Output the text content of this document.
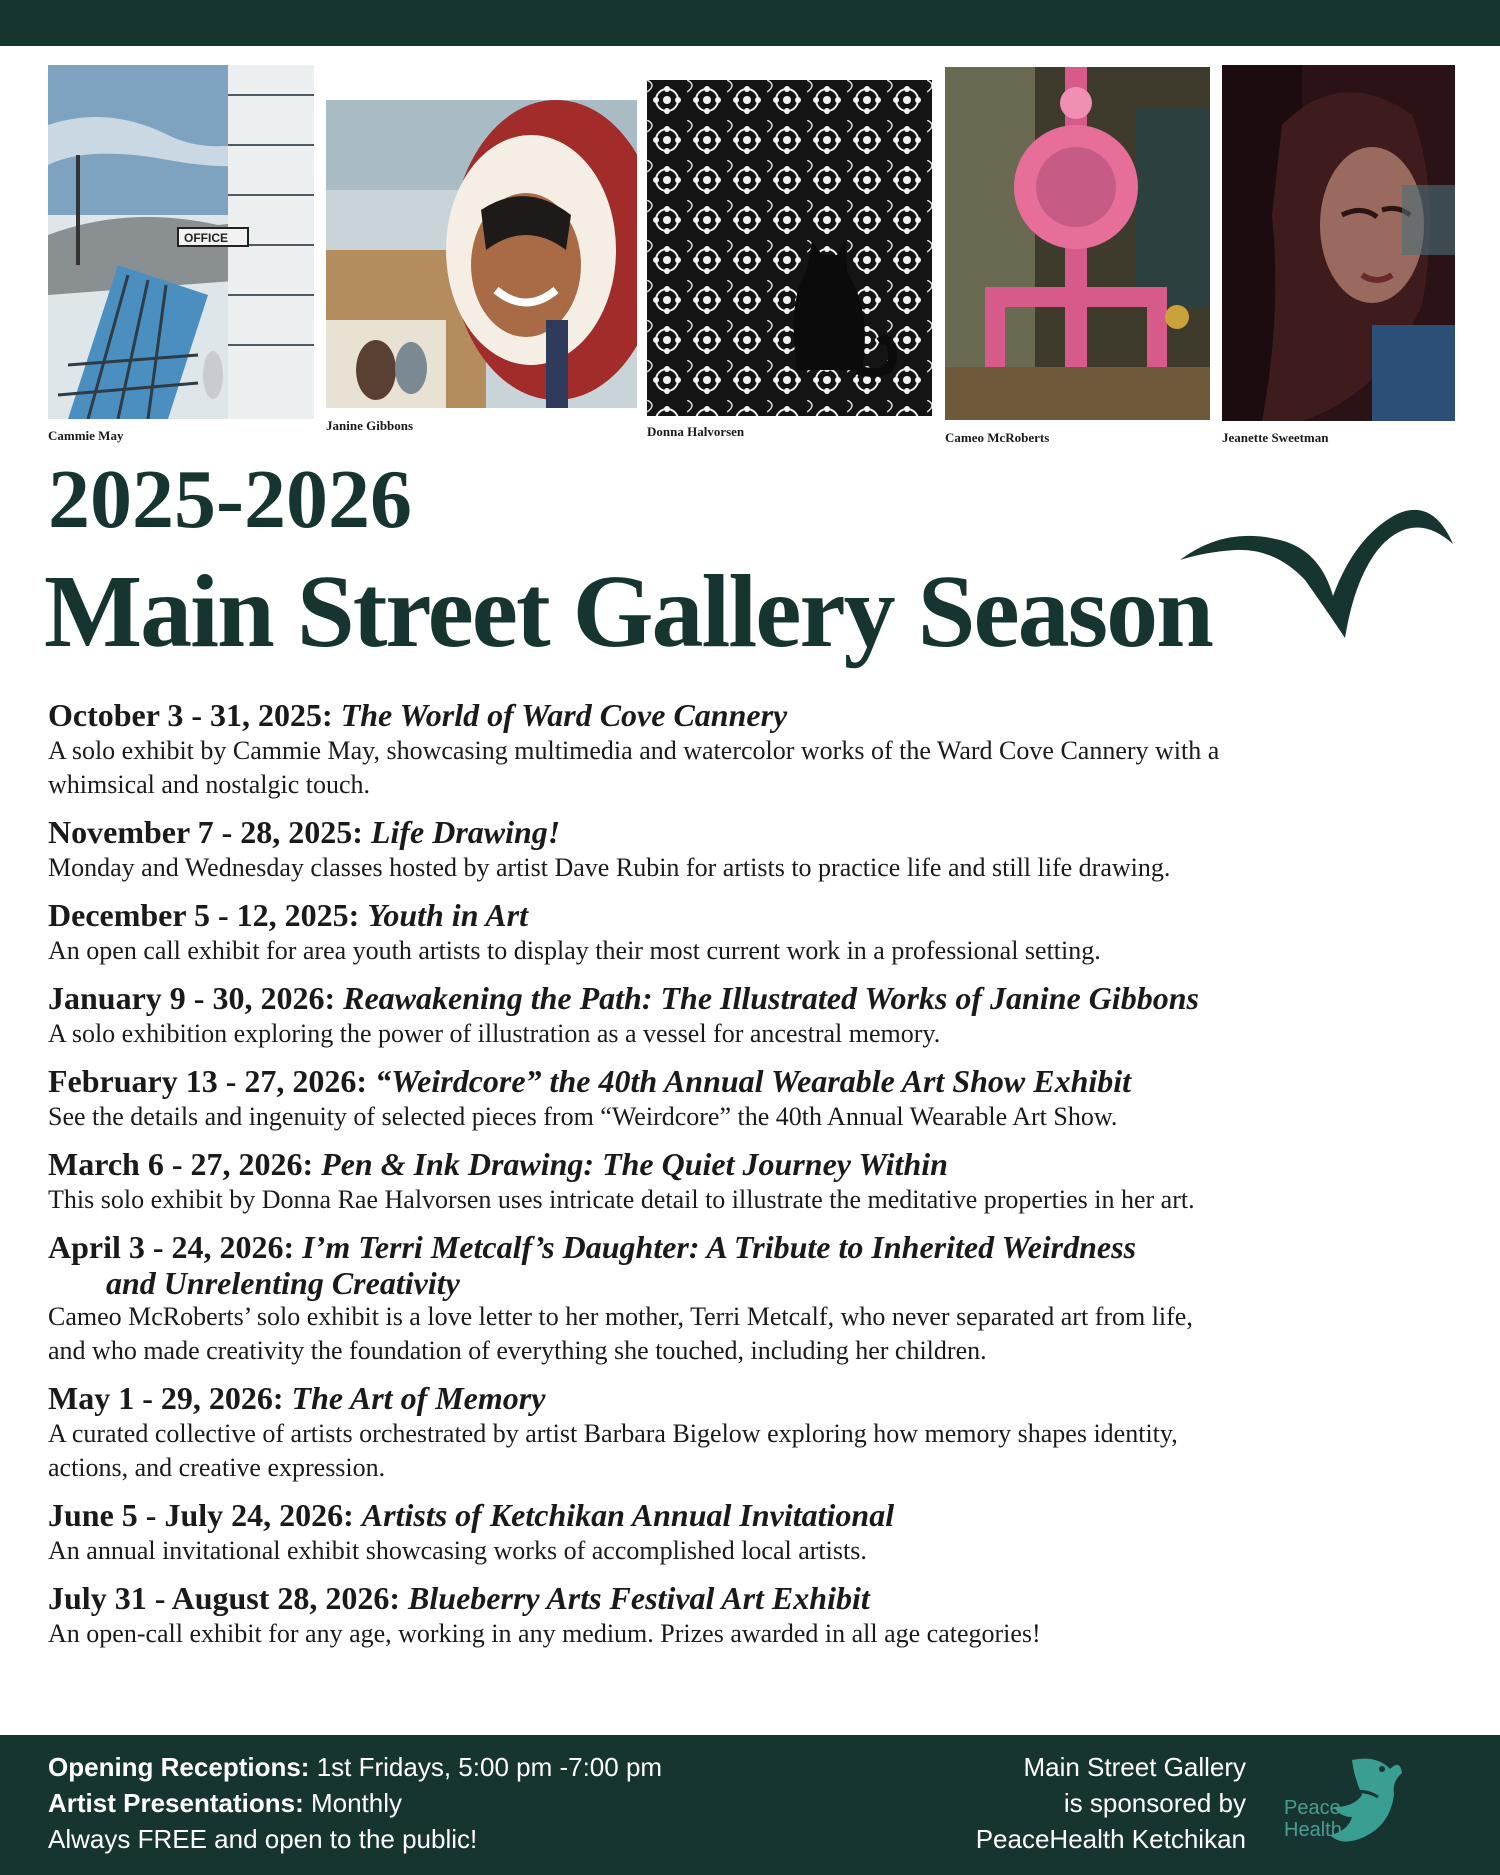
OFFICE
Cammie May
Janine Gibbons	Donna Halvorsen	Cameo McRoberts	Jeanette Sweetman
2025-2026
Main Street Gallery Season
October 3 - 31, 2025: The World of Ward Cove Cannery
A solo exhibit by Cammie May, showcasing multimedia and watercolor works of the Ward Cove Cannery with a
whimsical and nostalgic touch.
November 7 - 28, 2025: Life Drawing!
Monday and Wednesday classes hosted by artist Dave Rubin for artists to practice life and still life drawing.
December 5 - 12, 2025: Youth in Art
An open call exhibit for area youth artists to display their most current work in a professional setting.
January 9 - 30, 2026: Reawakening the Path: The Illustrated Works of Janine Gibbons
A solo exhibition exploring the power of illustration as a vessel for ancestral memory.
February 13 - 27, 2026: “Weirdcore” the 40th Annual Wearable Art Show Exhibit
See the details and ingenuity of selected pieces from “Weirdcore” the 40th Annual Wearable Art Show.
March 6 - 27, 2026: Pen & Ink Drawing: The Quiet Journey Within
This solo exhibit by Donna Rae Halvorsen uses intricate detail to illustrate the meditative properties in her art.
April 3 - 24, 2026: I’m Terri Metcalf’s Daughter: A Tribute to Inherited Weirdness
and Unrelenting Creativity
Cameo McRoberts’ solo exhibit is a love letter to her mother, Terri Metcalf, who never separated art from life,
and who made creativity the foundation of everything she touched, including her children.
May 1 - 29, 2026: The Art of Memory
A curated collective of artists orchestrated by artist Barbara Bigelow exploring how memory shapes identity,
actions, and creative expression.
June 5 - July 24, 2026: Artists of Ketchikan Annual Invitational
An annual invitational exhibit showcasing works of accomplished local artists.
July 31 - August 28, 2026: Blueberry Arts Festival Art Exhibit
An open-call exhibit for any age, working in any medium. Prizes awarded in all age categories!
Opening Receptions: 1st Fridays, 5:00 pm -7:00 pm
Artist Presentations: Monthly
Always FREE and open to the public!
Main Street Gallery
is sponsored by
PeaceHealth Ketchikan
Peace
Health
